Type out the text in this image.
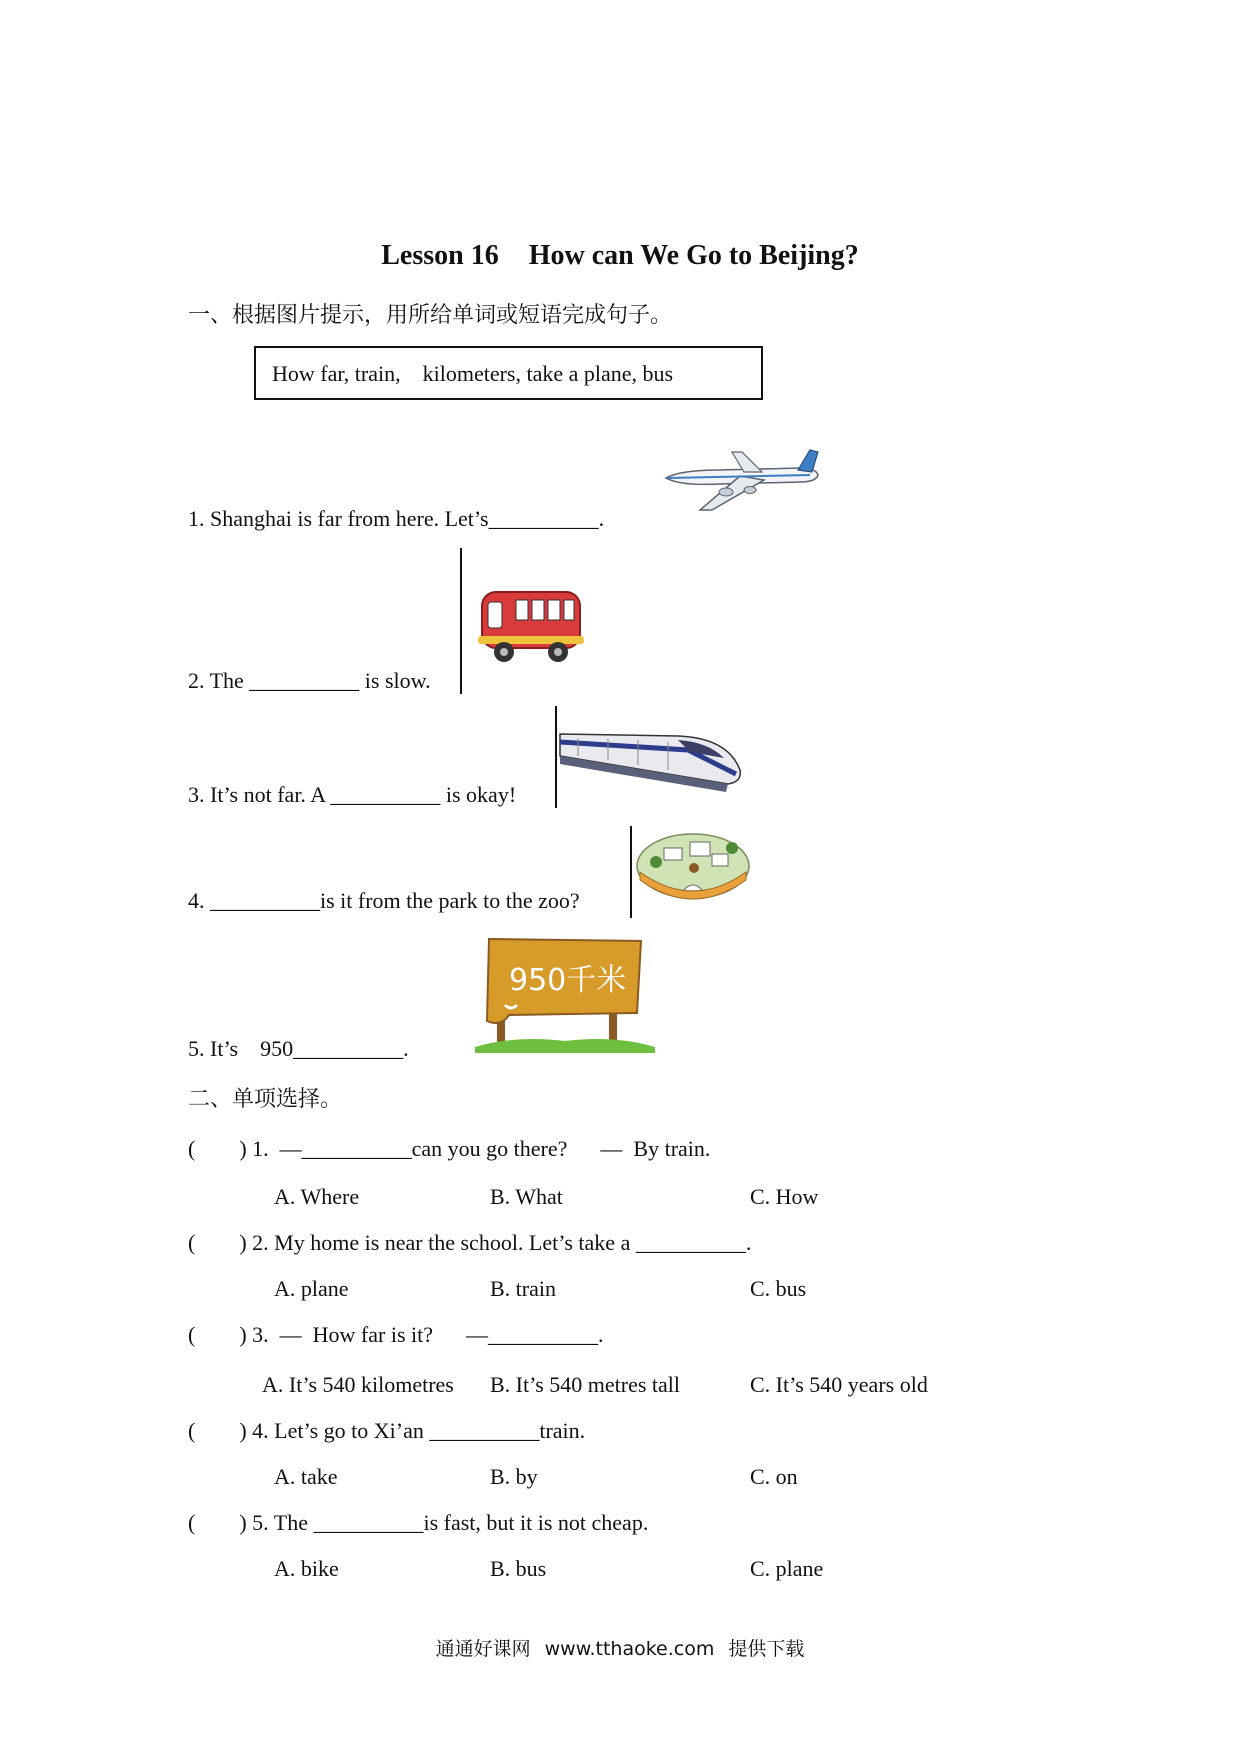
Lesson 16 How can We Go to Beijing?
一、根据图片提示，用所给单词或短语完成句子。
How far, train,    kilometers, take a plane, bus
1. Shanghai is far from here. Let’s__________.
2. The __________ is slow.
3. It’s not far. A __________ is okay!
4. __________is it from the park to the zoo?
950千米
5. It’s    950__________.
二、单项选择。
(        ) 1.  —__________can you go there?      —  By train.
A. Where	B. What	C. How
(        ) 2. My home is near the school. Let’s take a __________.
A. plane	B. train	C. bus
(        ) 3.  —  How far is it?      —__________.
A. It’s 540 kilometres B. It’s 540 metres tall	C. It’s 540 years old
(        ) 4. Let’s go to Xi’an __________train.
A. take	B. by	C. on
(        ) 5. The __________is fast, but it is not cheap.
A. bike	B. bus	C. plane
通通好课网 www.tthaoke.com 提供下载
